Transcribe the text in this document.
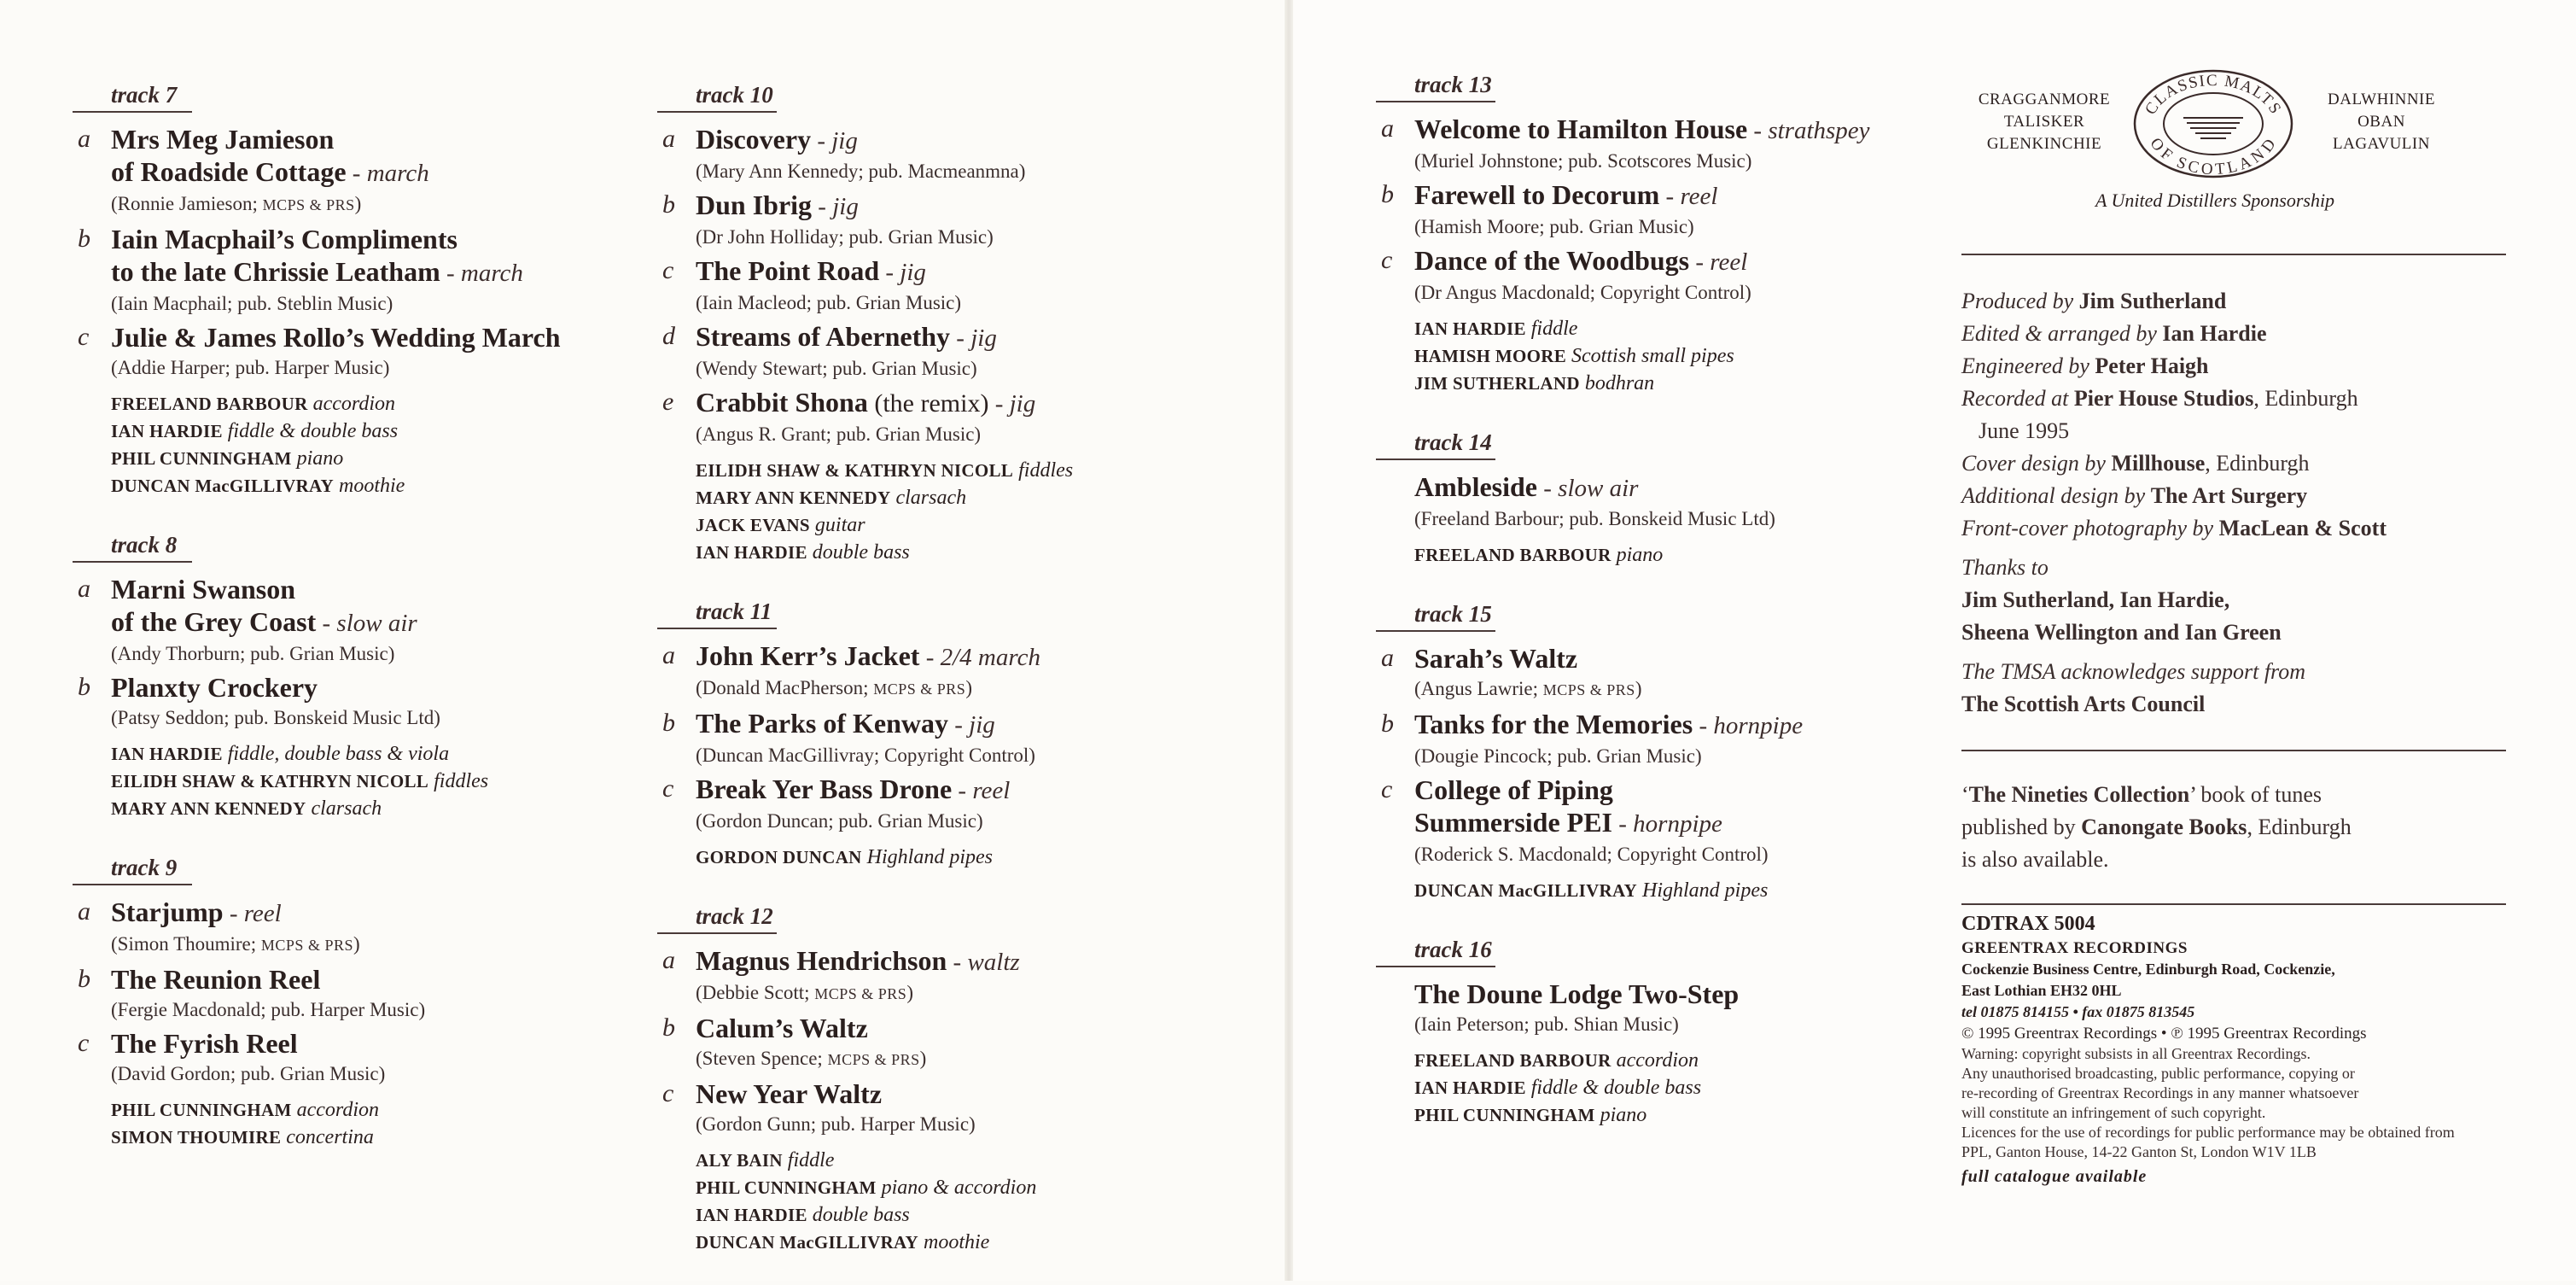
track 7
a Mrs Meg Jamieson
of Roadside Cottage - march
(Ronnie Jamieson; MCPS & PRS)
b Iain Macphail’s Compliments
to the late Chrissie Leatham - march
(Iain Macphail; pub. Steblin Music)
c Julie & James Rollo’s Wedding March
(Addie Harper; pub. Harper Music)
FREELAND BARBOUR accordion
IAN HARDIE fiddle & double bass
PHIL CUNNINGHAM piano
DUNCAN MacGILLIVRAY moothie
track 8
a Marni Swanson
of the Grey Coast - slow air
(Andy Thorburn; pub. Grian Music)
b Planxty Crockery
(Patsy Seddon; pub. Bonskeid Music Ltd)
IAN HARDIE fiddle, double bass & viola
EILIDH SHAW & KATHRYN NICOLL fiddles
MARY ANN KENNEDY clarsach
track 9
a Starjump - reel
(Simon Thoumire; MCPS & PRS)
b The Reunion Reel
(Fergie Macdonald; pub. Harper Music)
c The Fyrish Reel
(David Gordon; pub. Grian Music)
PHIL CUNNINGHAM accordion
SIMON THOUMIRE concertina
track 10
a Discovery - jig
(Mary Ann Kennedy; pub. Macmeanmna)
b Dun Ibrig - jig
(Dr John Holliday; pub. Grian Music)
c The Point Road - jig
(Iain Macleod; pub. Grian Music)
d Streams of Abernethy - jig
(Wendy Stewart; pub. Grian Music)
e Crabbit Shona (the remix) - jig
(Angus R. Grant; pub. Grian Music)
EILIDH SHAW & KATHRYN NICOLL fiddles
MARY ANN KENNEDY clarsach
JACK EVANS guitar
IAN HARDIE double bass
track 11
a John Kerr’s Jacket - 2/4 march
(Donald MacPherson; MCPS & PRS)
b The Parks of Kenway - jig
(Duncan MacGillivray; Copyright Control)
c Break Yer Bass Drone - reel
(Gordon Duncan; pub. Grian Music)
GORDON DUNCAN Highland pipes
track 12
a Magnus Hendrichson - waltz
(Debbie Scott; MCPS & PRS)
b Calum’s Waltz
(Steven Spence; MCPS & PRS)
c New Year Waltz
(Gordon Gunn; pub. Harper Music)
ALY BAIN fiddle
PHIL CUNNINGHAM piano & accordion
IAN HARDIE double bass
DUNCAN MacGILLIVRAY moothie
track 13
a Welcome to Hamilton House - strathspey
(Muriel Johnstone; pub. Scotscores Music)
b Farewell to Decorum - reel
(Hamish Moore; pub. Grian Music)
c Dance of the Woodbugs - reel
(Dr Angus Macdonald; Copyright Control)
IAN HARDIE fiddle
HAMISH MOORE Scottish small pipes
JIM SUTHERLAND bodhran
track 14
Ambleside - slow air
(Freeland Barbour; pub. Bonskeid Music Ltd)
FREELAND BARBOUR piano
track 15
a Sarah’s Waltz
(Angus Lawrie; MCPS & PRS)
b Tanks for the Memories - hornpipe
(Dougie Pincock; pub. Grian Music)
c College of Piping
Summerside PEI - hornpipe
(Roderick S. Macdonald; Copyright Control)
DUNCAN MacGILLIVRAY Highland pipes
track 16
The Doune Lodge Two-Step
(Iain Peterson; pub. Shian Music)
FREELAND BARBOUR accordion
IAN HARDIE fiddle & double bass
PHIL CUNNINGHAM piano
CRAGGANMORE
TALISKER
GLENKINCHIE
CLASSIC MALTS
OF SCOTLAND
DALWHINNIE
OBAN
LAGAVULIN
A United Distillers Sponsorship
Produced by Jim Sutherland
Edited & arranged by Ian Hardie
Engineered by Peter Haigh
Recorded at Pier House Studios, Edinburgh
June 1995
Cover design by Millhouse, Edinburgh
Additional design by The Art Surgery
Front-cover photography by MacLean & Scott
Thanks to
Jim Sutherland, Ian Hardie,
Sheena Wellington and Ian Green
The TMSA acknowledges support from
The Scottish Arts Council
‘The Nineties Collection’ book of tunes
published by Canongate Books, Edinburgh
is also available.
CDTRAX 5004
GREENTRAX RECORDINGS
Cockenzie Business Centre, Edinburgh Road, Cockenzie,
East Lothian EH32 0HL
tel 01875 814155 • fax 01875 813545
© 1995 Greentrax Recordings • ℗ 1995 Greentrax Recordings
Warning: copyright subsists in all Greentrax Recordings.
Any unauthorised broadcasting, public performance, copying or
re-recording of Greentrax Recordings in any manner whatsoever
will constitute an infringement of such copyright.
Licences for the use of recordings for public performance may be obtained from
PPL, Ganton House, 14-22 Ganton St, London W1V 1LB
full catalogue available
